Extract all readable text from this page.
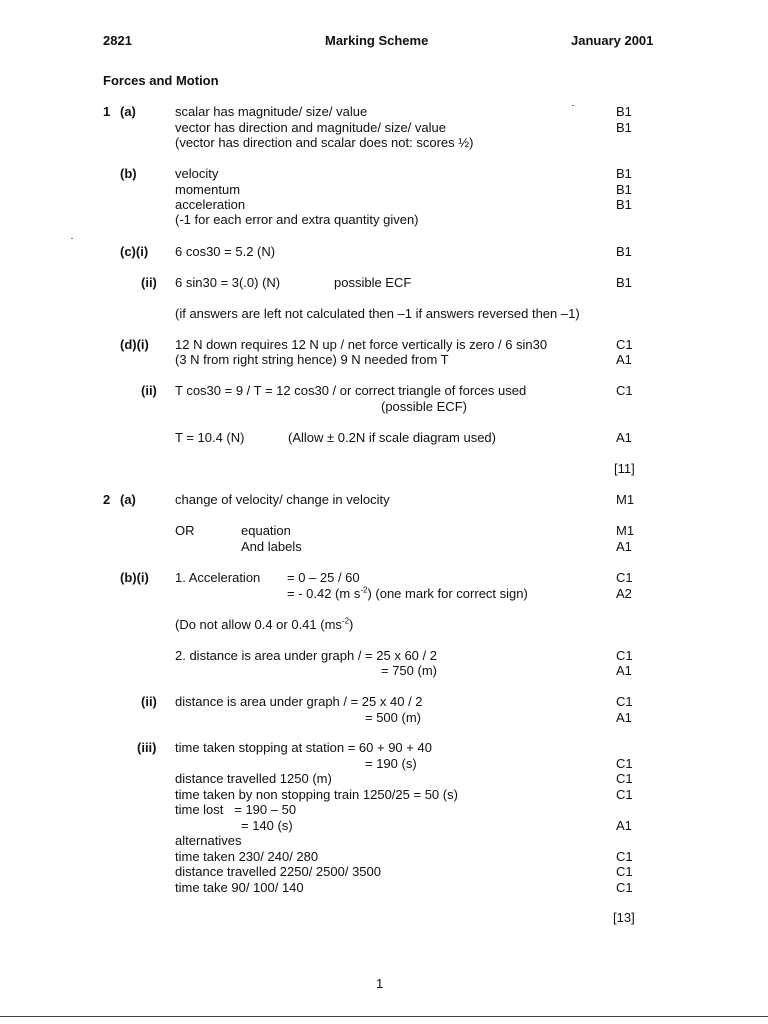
2821	Marking Scheme	January 2001
Forces and Motion
1 (a)	scalar has magnitude/ size/ value	B1
vector has direction and magnitude/ size/ value	B1
(vector has direction and scalar does not: scores ½)
(b)	velocity	B1
momentum	B1
acceleration	B1
(-1 for each error and extra quantity given)
(c)(i) 6 cos30 = 5.2 (N)	B1
(ii) 6 sin30 = 3(.0) (N)	possible ECF	B1
(if answers are left not calculated then –1 if answers reversed then –1)
(d)(i) 12 N down requires 12 N up / net force vertically is zero / 6 sin30	C1
(3 N from right string hence) 9 N needed from T	A1
(ii) T cos30 = 9 / T = 12 cos30 / or correct triangle of forces used	C1
(possible ECF)
T = 10.4 (N)	(Allow ± 0.2N if scale diagram used)	A1
[11]
2 (a)	change of velocity/ change in velocity	M1
OR	equation	M1
And labels	A1
(b)(i) 1. Acceleration = 0 – 25 / 60	C1
= - 0.42 (m $s^{-2}$) (one mark for correct sign)	A2
(Do not allow 0.4 or 0.41 $(ms^{-2})$
2. distance is area under graph / = 25 x 60 / 2	C1
= 750 (m)	A1
(ii) distance is area under graph / = 25 x 40 / 2	C1
= 500 (m)	A1
(iii) time taken stopping at station = 60 + 90 + 40
= 190 (s)	C1
distance travelled 1250 (m)	C1
time taken by non stopping train 1250/25 = 50 (s)	C1
time lost   = 190 – 50
= 140 (s)	A1
alternatives
time taken 230/ 240/ 280	C1
distance travelled 2250/ 2500/ 3500	C1
time take 90/ 100/ 140	C1
[13]
1
